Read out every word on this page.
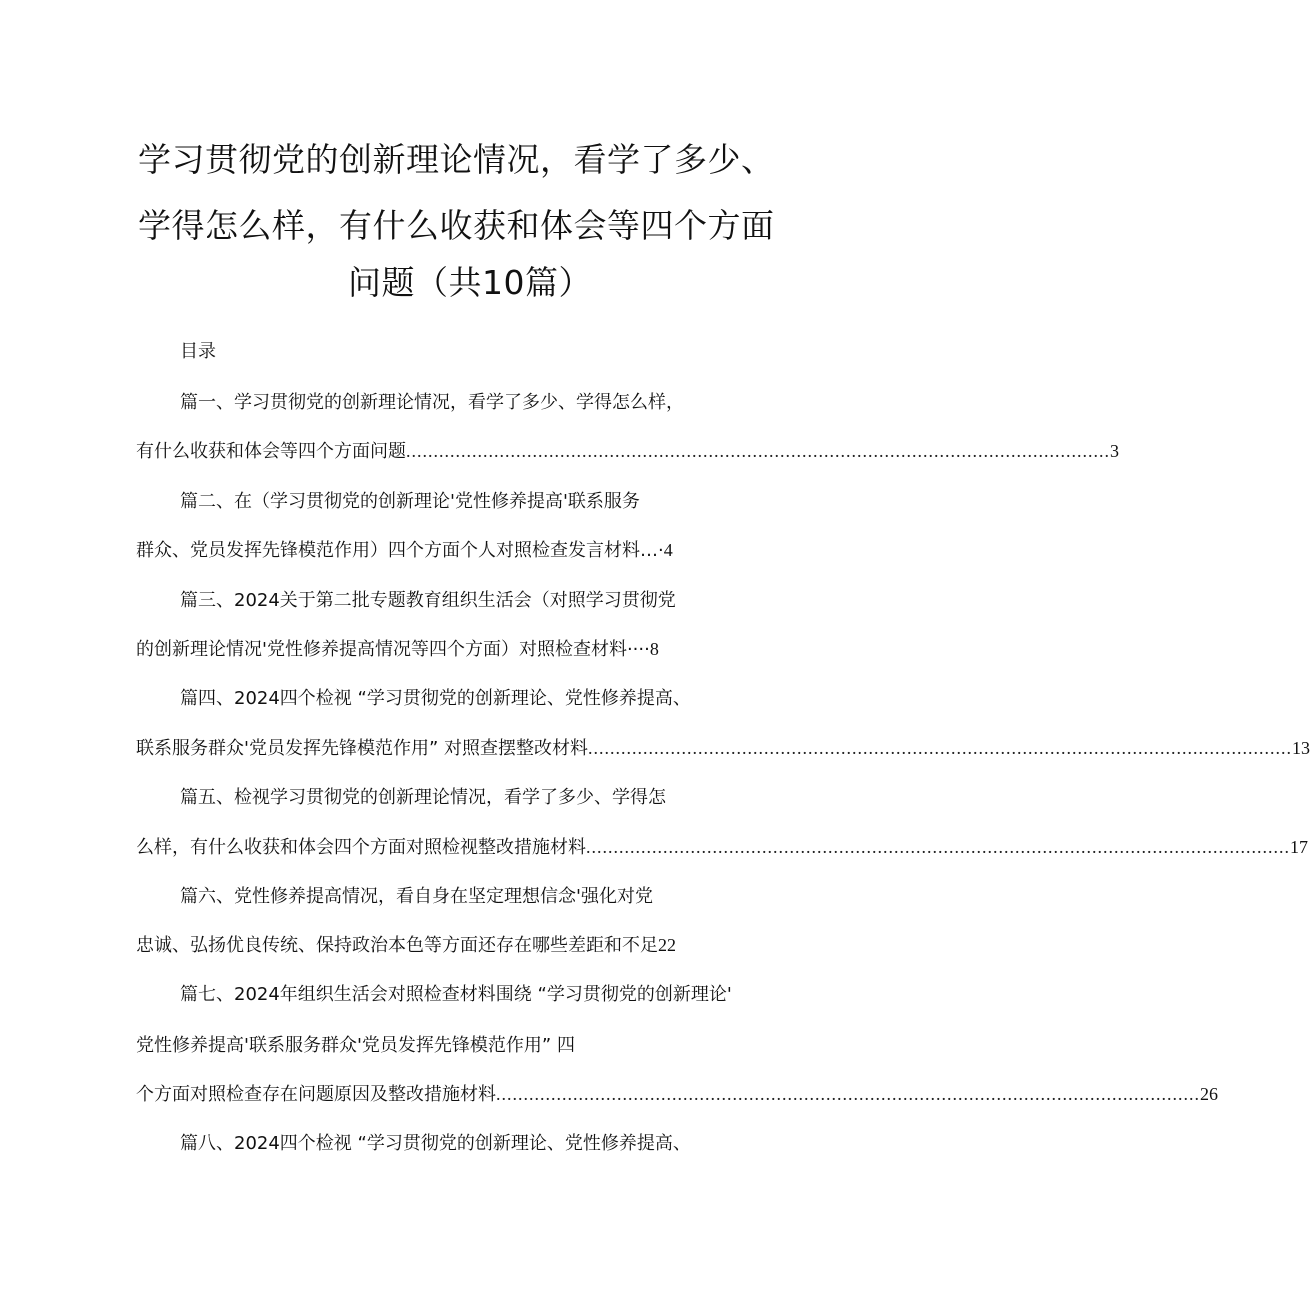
学习贯彻党的创新理论情况，看学了多少、
学得怎么样，有什么收获和体会等四个方面
问题（共10篇）
目录
篇一、学习贯彻党的创新理论情况，看学了多少、学得怎么样，
有什么收获和体会等四个方面问题 ................................................................................................................................ 3
篇二、在（学习贯彻党的创新理论'党性修养提高'联系服务
群众、党员发挥先锋模范作用）四个方面个人对照检查发言材料…·4
篇三、2024关于第二批专题教育组织生活会（对照学习贯彻党
的创新理论情况'党性修养提高情况等四个方面）对照检查材料····8
篇四、2024四个检视 “学习贯彻党的创新理论、党性修养提高、
联系服务群众'党员发挥先锋模范作用” 对照查摆整改材料 ................................................................................................................................ 13
篇五、检视学习贯彻党的创新理论情况，看学了多少、学得怎
么样，有什么收获和体会四个方面对照检视整改措施材料 ................................................................................................................................ 17
篇六、党性修养提高情况，看自身在坚定理想信念'强化对党
忠诚、弘扬优良传统、保持政治本色等方面还存在哪些差距和不足22
篇七、2024年组织生活会对照检查材料围绕 “学习贯彻党的创新理论'
党性修养提高'联系服务群众'党员发挥先锋模范作用” 四
个方面对照检查存在问题原因及整改措施材料 ................................................................................................................................ 26
篇八、2024四个检视 “学习贯彻党的创新理论、党性修养提高、
